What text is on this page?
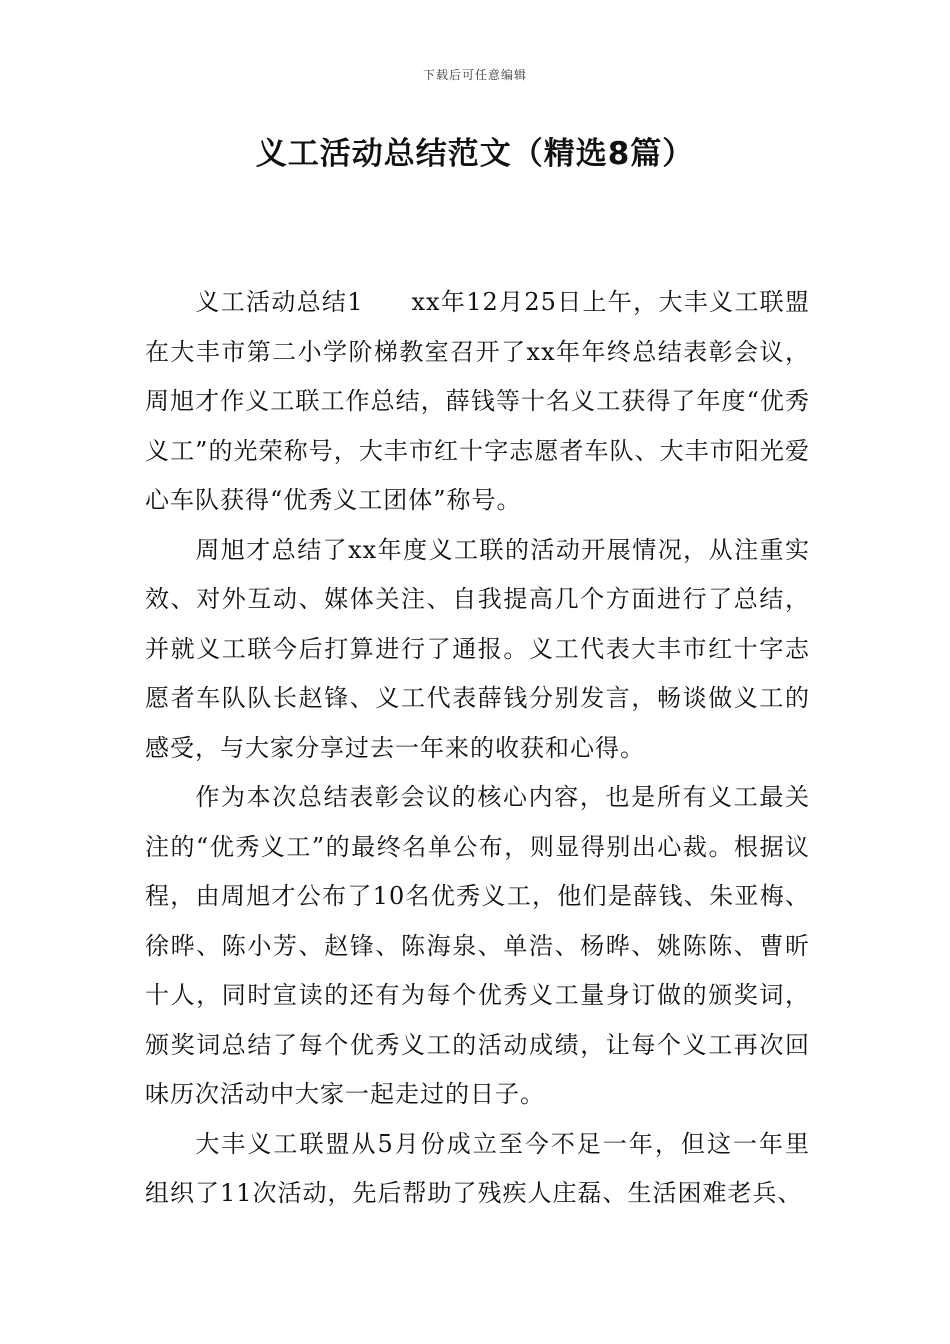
下载后可任意编辑
义工活动总结范文（精选8篇）

义工活动总结1 xx年12月25日上午，大丰义工联盟在大丰市第二小学阶梯教室召开了xx年年终总结表彰会议，周旭才作义工联工作总结，薛钱等十名义工获得了年度“优秀义工”的光荣称号，大丰市红十字志愿者车队、大丰市阳光爱心车队获得“优秀义工团体”称号。

周旭才总结了xx年度义工联的活动开展情况，从注重实效、对外互动、媒体关注、自我提高几个方面进行了总结，并就义工联今后打算进行了通报。义工代表大丰市红十字志愿者车队队长赵锋、义工代表薛钱分别发言，畅谈做义工的感受，与大家分享过去一年来的收获和心得。

作为本次总结表彰会议的核心内容，也是所有义工最关注的“优秀义工”的最终名单公布，则显得别出心裁。根据议程，由周旭才公布了10名优秀义工，他们是薛钱、朱亚梅、徐晔、陈小芳、赵锋、陈海泉、单浩、杨晔、姚陈陈、曹昕十人，同时宣读的还有为每个优秀义工量身订做的颁奖词，颁奖词总结了每个优秀义工的活动成绩，让每个义工再次回味历次活动中大家一起走过的日子。

大丰义工联盟从5月份成立至今不足一年，但这一年里组织了11次活动，先后帮助了残疾人庄磊、生活困难老兵、
